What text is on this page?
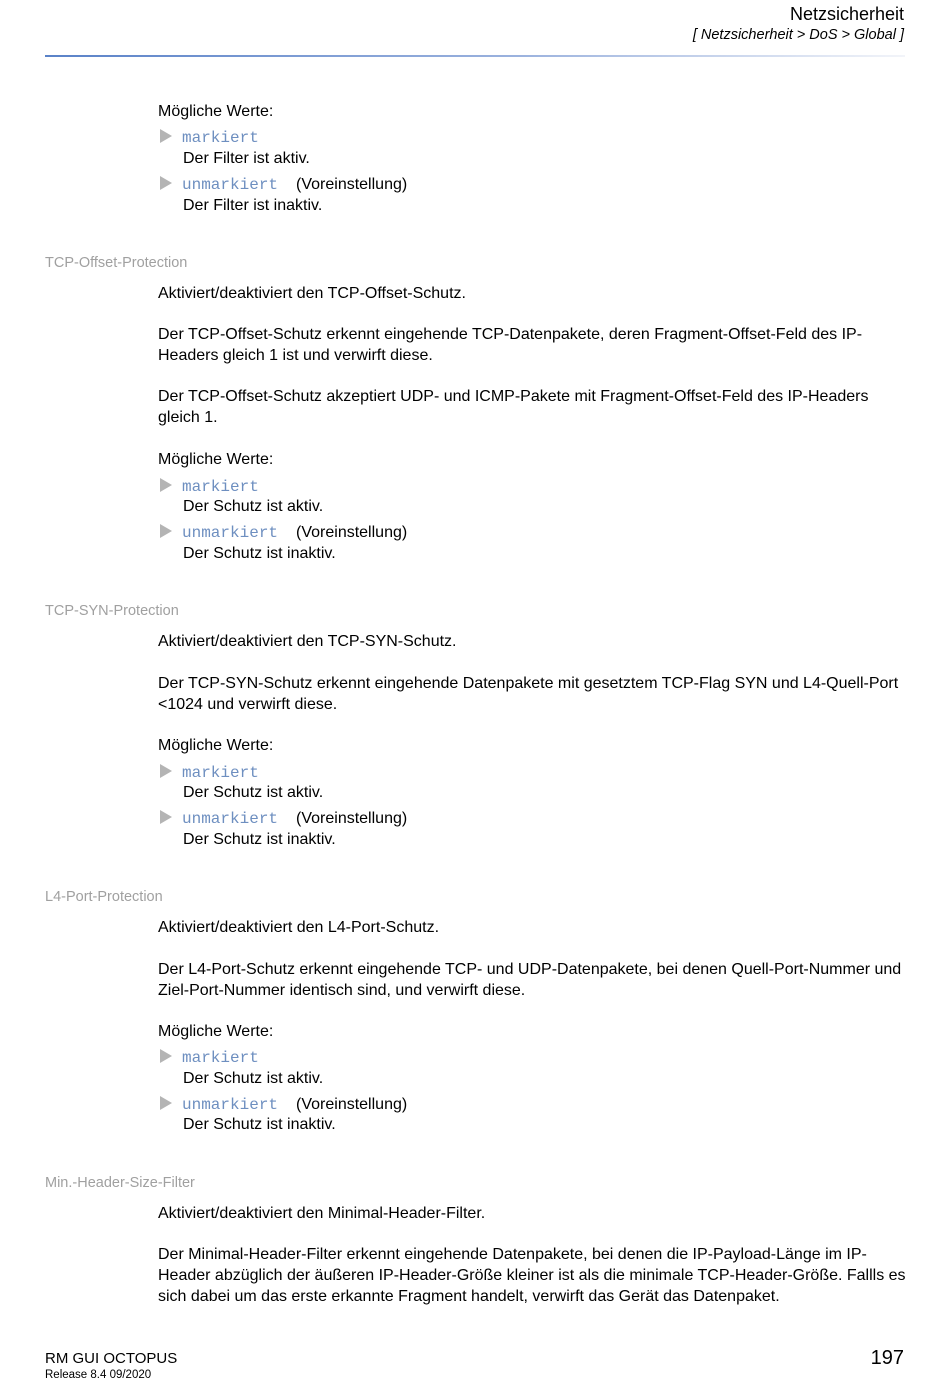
Netzsicherheit
[ Netzsicherheit > DoS > Global ]
Mögliche Werte:
markiert
Der Filter ist aktiv.
unmarkiert (Voreinstellung)
Der Filter ist inaktiv.
TCP-Offset-Protection
Aktiviert/deaktiviert den TCP-Offset-Schutz.
Der TCP-Offset-Schutz erkennt eingehende TCP-Datenpakete, deren Fragment-Offset-Feld des IP-Headers gleich 1 ist und verwirft diese.
Der TCP-Offset-Schutz akzeptiert UDP- und ICMP-Pakete mit Fragment-Offset-Feld des IP-Headers gleich 1.
Mögliche Werte:
markiert
Der Schutz ist aktiv.
unmarkiert (Voreinstellung)
Der Schutz ist inaktiv.
TCP-SYN-Protection
Aktiviert/deaktiviert den TCP-SYN-Schutz.
Der TCP-SYN-Schutz erkennt eingehende Datenpakete mit gesetztem TCP-Flag SYN und L4-Quell-Port <1024 und verwirft diese.
Mögliche Werte:
markiert
Der Schutz ist aktiv.
unmarkiert (Voreinstellung)
Der Schutz ist inaktiv.
L4-Port-Protection
Aktiviert/deaktiviert den L4-Port-Schutz.
Der L4-Port-Schutz erkennt eingehende TCP- und UDP-Datenpakete, bei denen Quell-Port-Nummer und Ziel-Port-Nummer identisch sind, und verwirft diese.
Mögliche Werte:
markiert
Der Schutz ist aktiv.
unmarkiert (Voreinstellung)
Der Schutz ist inaktiv.
Min.-Header-Size-Filter
Aktiviert/deaktiviert den Minimal-Header-Filter.
Der Minimal-Header-Filter erkennt eingehende Datenpakete, bei denen die IP-Payload-Länge im IP-Header abzüglich der äußeren IP-Header-Größe kleiner ist als die minimale TCP-Header-Größe. Fallls es sich dabei um das erste erkannte Fragment handelt, verwirft das Gerät das Datenpaket.
RM GUI OCTOPUS
Release 8.4 09/2020
197
